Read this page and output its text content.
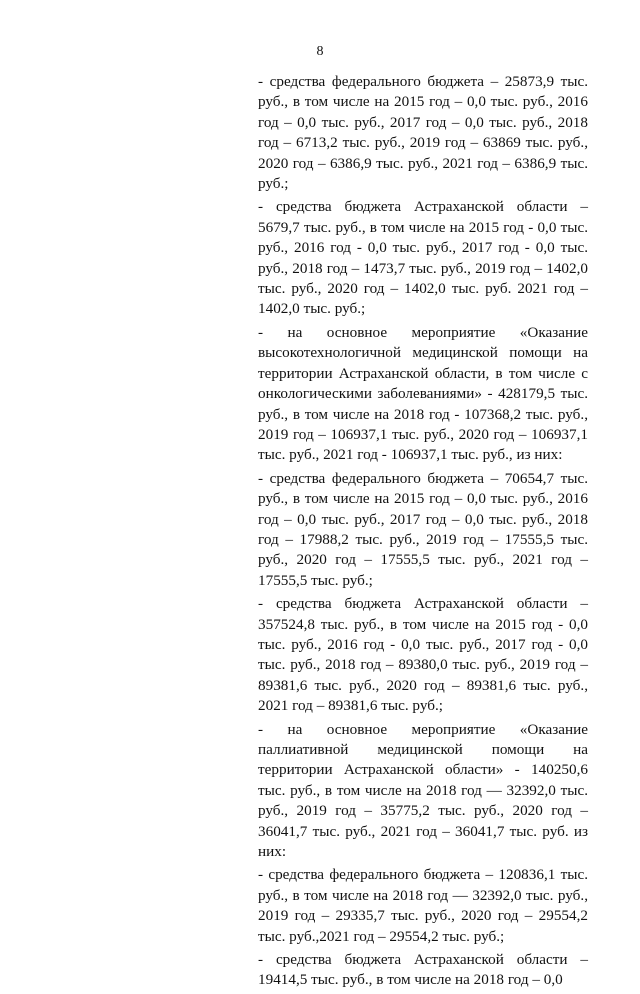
8

- средства федерального бюджета – 25873,9 тыс. руб., в том числе на 2015 год – 0,0 тыс. руб., 2016 год – 0,0 тыс. руб., 2017 год – 0,0 тыс. руб., 2018 год – 6713,2 тыс. руб., 2019 год – 63869 тыс. руб., 2020 год – 6386,9 тыс. руб., 2021 год – 6386,9 тыс. руб.;

- средства бюджета Астраханской области – 5679,7 тыс. руб., в том числе на 2015 год - 0,0 тыс. руб., 2016 год - 0,0 тыс. руб., 2017 год - 0,0 тыс. руб., 2018 год – 1473,7 тыс. руб., 2019 год – 1402,0 тыс. руб., 2020 год – 1402,0 тыс. руб. 2021 год – 1402,0 тыс. руб.;

- на основное мероприятие «Оказание высокотехнологичной медицинской помощи на территории Астраханской области, в том числе с онкологическими заболеваниями» - 428179,5 тыс. руб., в том числе на 2018 год - 107368,2 тыс. руб., 2019 год – 106937,1 тыс. руб., 2020 год – 106937,1 тыс. руб., 2021 год - 106937,1 тыс. руб., из них:

- средства федерального бюджета – 70654,7 тыс. руб., в том числе на 2015 год – 0,0 тыс. руб., 2016 год – 0,0 тыс. руб., 2017 год – 0,0 тыс. руб., 2018 год – 17988,2 тыс. руб., 2019 год – 17555,5 тыс. руб., 2020 год – 17555,5 тыс. руб., 2021 год – 17555,5 тыс. руб.;

- средства бюджета Астраханской области – 357524,8 тыс. руб., в том числе на 2015 год - 0,0 тыс. руб., 2016 год - 0,0 тыс. руб., 2017 год - 0,0 тыс. руб., 2018 год – 89380,0 тыс. руб., 2019 год – 89381,6 тыс. руб., 2020 год – 89381,6 тыс. руб., 2021 год – 89381,6 тыс. руб.;

- на основное мероприятие «Оказание паллиативной медицинской помощи на территории Астраханской области» - 140250,6 тыс. руб., в том числе на 2018 год — 32392,0 тыс. руб., 2019 год – 35775,2 тыс. руб., 2020 год – 36041,7 тыс. руб., 2021 год – 36041,7 тыс. руб. из них:

- средства федерального бюджета – 120836,1 тыс. руб., в том числе на 2018 год — 32392,0 тыс. руб., 2019 год – 29335,7 тыс. руб., 2020 год – 29554,2 тыс. руб.,2021 год – 29554,2 тыс. руб.;

- средства бюджета Астраханской области – 19414,5 тыс. руб., в том числе на 2018 год – 0,0
